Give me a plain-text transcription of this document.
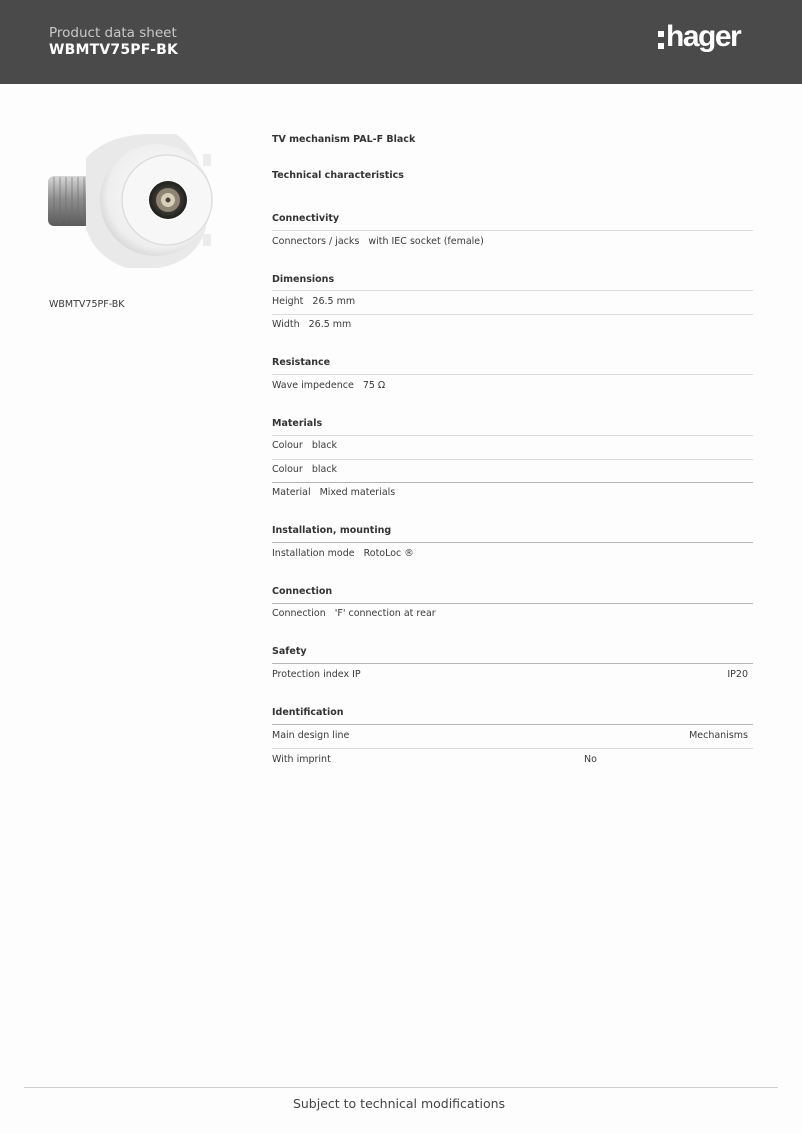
Product data sheet
WBMTV75PF-BK	hager
WBMTV75PF-BK
TV mechanism PAL-F Black
Technical characteristics
Connectivity
Connectors / jacks with IEC socket (female)
Dimensions
Height 26.5 mm
Width 26.5 mm
Resistance
Wave impedence 75 Ω
Materials
Colour black
Colour black
Material Mixed materials
Installation, mounting
Installation mode RotoLoc ®
Connection
Connection 'F' connection at rear
Safety
Protection index IP	IP20
Identification
Main design line	Mechanisms
With imprint	No
Subject to technical modifications
